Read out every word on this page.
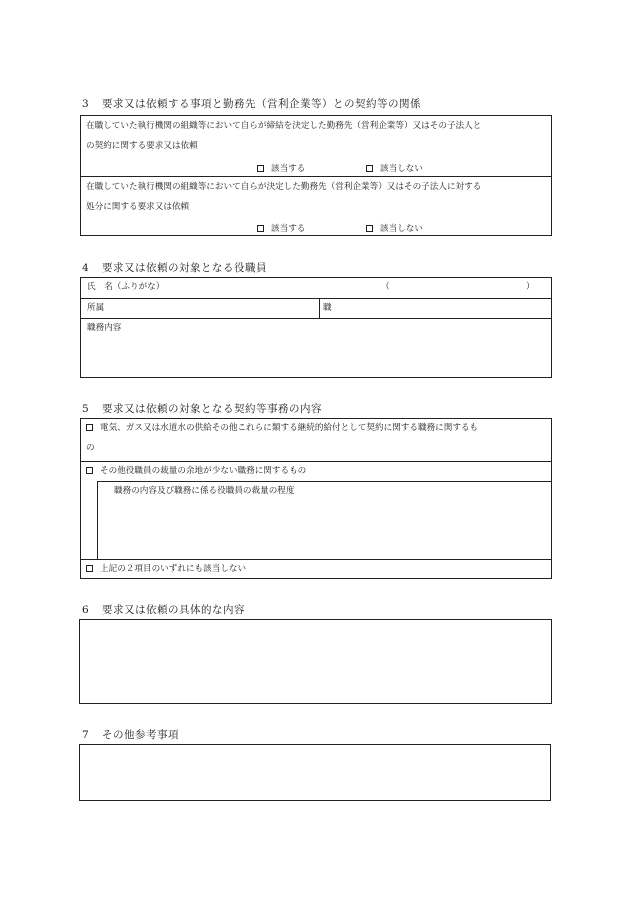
3 要求又は依頼する事項と勤務先（営利企業等）との契約等の関係
在職していた執行機関の組織等において自らが締結を決定した勤務先（営利企業等）又はその子法人と
の契約に関する要求又は依頼
該当する	該当しない
在職していた執行機関の組織等において自らが決定した勤務先（営利企業等）又はその子法人に対する
処分に関する要求又は依頼
該当する	該当しない
4 要求又は依頼の対象となる役職員
氏　名（ふりがな）	（	）
所属	職
職務内容
5 要求又は依頼の対象となる契約等事務の内容
電気、ガス又は水道水の供給その他これらに類する継続的給付として契約に関する職務に関するも
の
その他役職員の裁量の余地が少ない職務に関するもの
職務の内容及び職務に係る役職員の裁量の程度
上記の２項目のいずれにも該当しない
6 要求又は依頼の具体的な内容
7 その他参考事項
